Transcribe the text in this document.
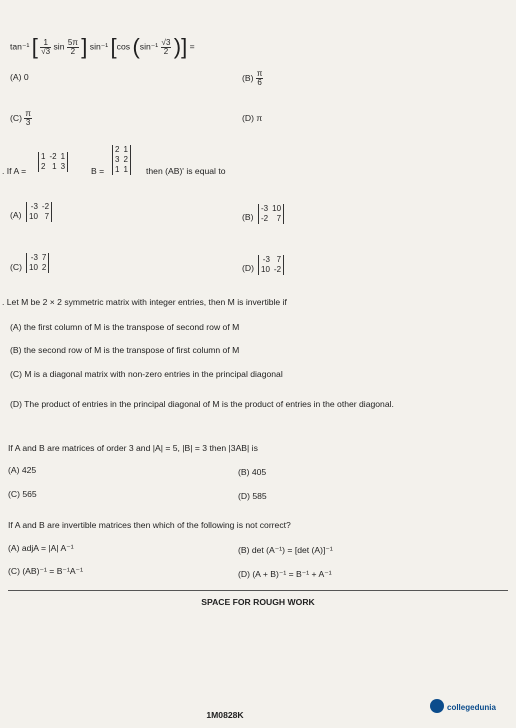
tan⁻¹ [ $\frac{1}{√3}$ $\sin \frac{5\pi}{2}$ ] sin⁻¹ [cos ($\sin^{-1} \frac{√3}{2}$ )] =
(A) 0	$(B) \frac{\pi}{6}$
$(C) \frac{\pi}{3}$	(D) π
. If A =
1	-2	1
2	1	3	B =
2	1
3	2
1	1 then (AB)' is equal to
(A)
-3	-2
10	7	(B)
-3	10
-2	7
(C)
-3	7
10	2	(D)
-3	7
10	-2
. Let M be 2 × 2 symmetric matrix with integer entries, then M is invertible if
(A) the first column of M is the transpose of second row of M
(B) the second row of M is the transpose of first column of M
(C) M is a diagonal matrix with non-zero entries in the principal diagonal
(D) The product of entries in the principal diagonal of M is the product of entries in the other diagonal.
If A and B are matrices of order 3 and |A| = 5, |B| = 3 then |3AB| is
(A) 425	(B) 405
(C) 565	(D) 585
If A and B are invertible matrices then which of the following is not correct?
(A) adjA = |A| A⁻¹	(B) det (A⁻¹) = [det (A)]⁻¹
(C) (AB)⁻¹ = B⁻¹A⁻¹	(D) (A + B)⁻¹ = B⁻¹ + A⁻¹
SPACE FOR ROUGH WORK
1M0828K
collegedunia
